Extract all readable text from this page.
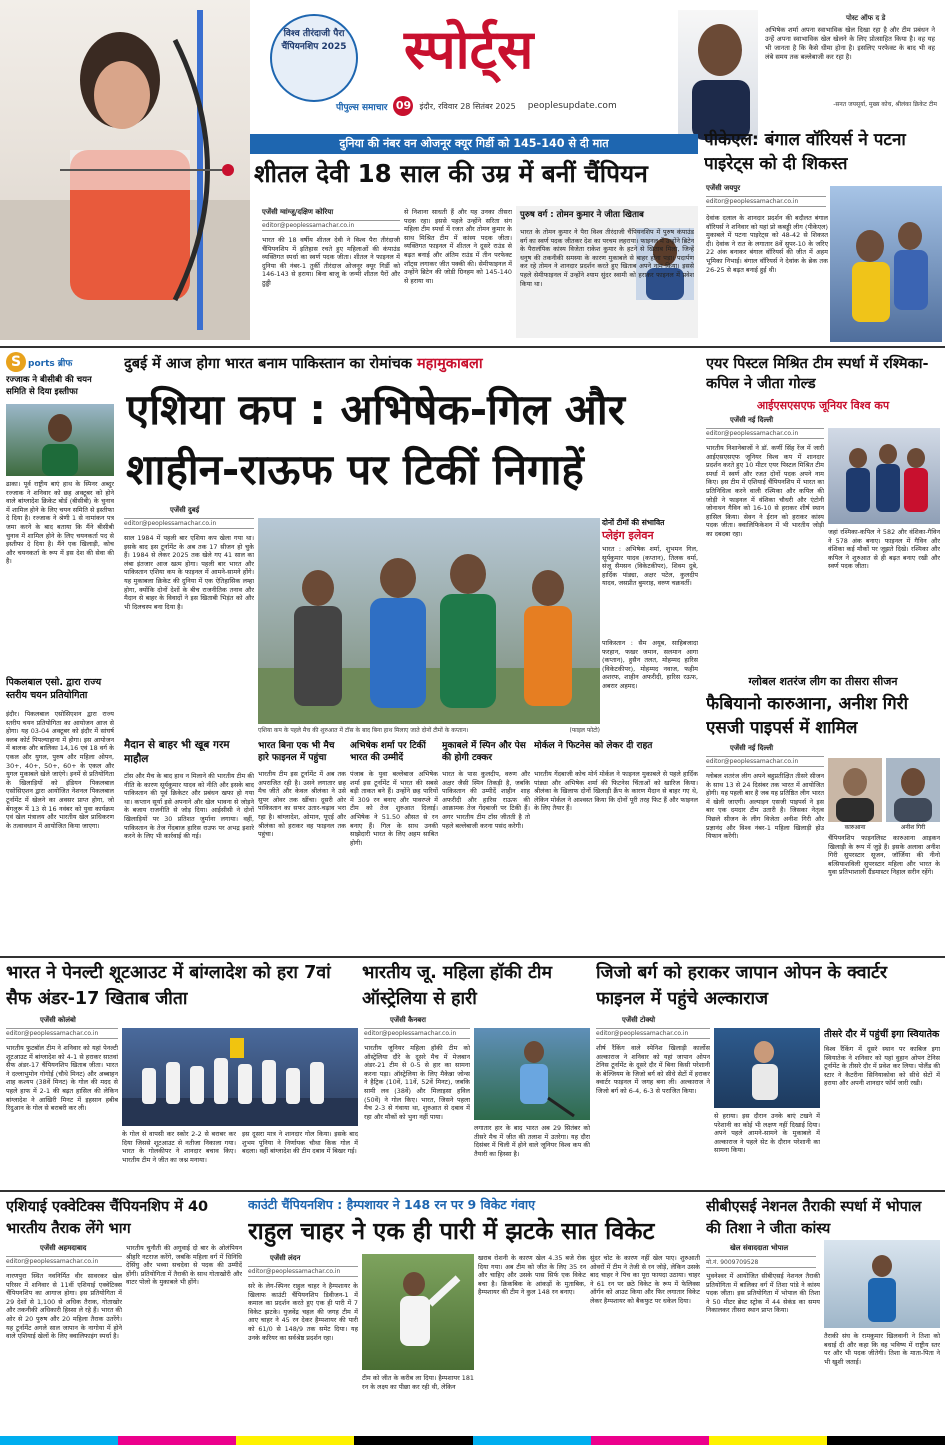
विश्व तीरंदाजी पैरा चैंपियनशिप 2025 स्पोर्ट्स
पीपुल्स समाचार 09 इंदौर, रविवार 28 सितंबर 2025 peoplesupdate.com
पोस्ट ऑफ द डे
अभिषेक शर्मा अपना स्वाभाविक खेल दिखा रहा है और टीम प्रबंधन ने उन्हें अपना स्वाभाविक खेल खेलने के लिए प्रोत्साहित किया है। वह यह भी जानता है कि कैसे धीमा होना है। इसलिए परफेक्ट के बाद भी वह लंबे समय तक बल्लेबाजी कर रहा है।
-सनत जयसूर्या, मुख्य कोच, श्रीलंका क्रिकेट टीम
दुनिया की नंबर वन ओजनूर क्यूर गिर्डी को 145-140 से दी मात
शीतल देवी 18 साल की उम्र में बनीं चैंपियन
एजेंसी ग्वांग्जू/दक्षिण कोरिया
editor@peoplessamachar.co.in
भारत की 18 वर्षीय शीतल देवी ने विश्व पैरा तीरंदाजी चैंपियनशिप में इतिहास रचते हुए महिलाओं की कंपाउंड व्यक्तिगत स्पर्धा का स्वर्ण पदक जीता। शीतल ने फाइनल में दुनिया की नंबर-1 तुर्की तीरंदाज ओजनूर क्यूर गिर्डी को 146-143 से हराया। बिना बाजू के जन्मी शीतल पैरों और ठुड्डी
से निशाना साधती हैं और यह उनका तीसरा पदक रहा। इससे पहले उन्होंने सरिता संग महिला टीम स्पर्धा में रजत और तोमन कुमार के साथ मिश्रित टीम में कांस्य पदक जीता। व्यक्तिगत फाइनल में शीतल ने दूसरे राउंड से बढ़त बनाई और अंतिम राउंड में तीन परफेक्ट शॉट्स लगाकर जीत पक्की की। सेमीफाइनल में उन्होंने ब्रिटेन की जोडी ग्रिनहम को 145-140 से हराया था।
पुरुष वर्ग : तोमन कुमार ने जीता खिताब
भारत के तोमन कुमार ने पैरा विश्व तीरंदाजी चैंपियनशिप में पुरुष कंपाउंड वर्ग का स्वर्ण पदक जीतकर देश का परचम लहराया। फाइनल में उन्होंने ब्रिटेन के पैरालंपिक कांस्य विजेता राकेश कुमार के हटने से खिताब मिला, जिन्हें धनुष की तकनीकी समस्या के कारण मुकाबले से बाहर होना पड़ा। पदार्पण कर रहे तोमन ने शानदार प्रदर्शन करते हुए खिताब अपने नाम किया। इससे पहले सेमीफाइनल में उन्होंने श्याम सुंदर स्वामी को हराकर फाइनल में प्रवेश किया था।
पीकेएल: बंगाल वॉरियर्स ने पटना पाइरेट्स को दी शिकस्त
एजेंसी जयपुर
editor@peoplessamachar.co.in
देवांक दलाल के शानदार प्रदर्शन की बदौलत बंगाल वॉरियर्स ने शनिवार को यहां प्रो कबड्डी लीग (पीकेएल) मुकाबले में पटना पाइरेट्स को 48-42 से शिकस्त दी। देवांक ने रात के लगातार 8वें सुपर-10 के जरिए 22 अंक बनाकर बंगाल वॉरियर्स की जीत में अहम भूमिका निभाई। बंगाल वॉरियर्स ने देवांक के ब्रेक तक 26-25 से बढ़त बनाई हुई थी।
S ports ब्रीफ
रज्जाक ने बीसीबी की चयन समिति से दिया इस्तीफा
ढाका। पूर्व राष्ट्रीय बाएं हाथ के स्पिनर अब्दुर रज्जाक ने शनिवार को छह अक्टूबर को होने वाले बांग्लादेश क्रिकेट बोर्ड (बीसीबी) के चुनाव में शामिल होने के लिए चयन समिति से इस्तीफा दे दिया है। रज्जाक ने श्रेणी 1 से नामांकन पत्र जमा करने के बाद बताया कि मैंने बीसीबी चुनाव में शामिल होने के लिए चयनकर्ता पद से इस्तीफा दे दिया है। मैंने एक खिलाड़ी, कोच और चयनकर्ता के रूप में इस देश की सेवा की है।
पिकलबाल एसो. द्वारा राज्य स्तरीय चयन प्रतियोगिता
इंदौर। पिकलबाल एसोसिएशन द्वारा राज्य स्तरीय चयन प्रतियोगिता का आयोजन आज से होगा। यह 03-04 अक्टूबर को इंदौर में सांघर्ष क्लब कोर्ट पिपल्याहाना में होगा। इस आयोजन में बालक और बालिका 14,16 एवं 18 वर्ग के एकल और युगल, पुरुष और महिला ओपन, 30+, 40+, 50+, 60+ के एकल और युगल मुकाबले खेले जाएंगे। इनमें से प्रतियोगिता के खिलाड़ियों को इंडियन पिकलबाल एसोसिएशन द्वारा आयोजित नेशनल पिकलबाल टूर्नामेंट में खेलने का अवसर प्राप्त होगा, जो बेंगलुरू में 13 से 16 नवंबर को युवा कार्यक्रम एवं खेल मंत्रालय और भारतीय खेल प्राधिकरण के तत्वावधान में आयोजित किया जाएगा।
दुबई में आज होगा भारत बनाम पाकिस्तान का रोमांचक महामुकाबला
एशिया कप : अभिषेक-गिल और
शाहीन-राऊफ पर टिकीं निगाहें
एजेंसी दुबई
editor@peoplessamachar.co.in
साल 1984 में पहली बार एशिया कप खेला गया था। इसके बाद इस टूर्नामेंट के अब तक 17 सीजन हो चुके हैं। 1984 से लेकर 2025 तक खेले गए 41 साल का लंबा इंतजार आज खत्म होगा। पहली बार भारत और पाकिस्तान एशिया कप के फाइनल में आमने-सामने होंगे। यह मुकाबला क्रिकेट की दुनिया में एक ऐतिहासिक लम्हा होगा, क्योंकि दोनों देशों के बीच राजनीतिक तनाव और मैदान से बाहर के विवादों ने इस खिताबी भिड़ंत को और भी दिलचस्प बना दिया है।
एशिया कप के पहले मैच की शुरुआत में टॉस के बाद बिना हाथ मिलाए जाते दोनों टीमों के कप्तान।	(फाइल फोटो)
दोनों टीमों की संभावित
प्लेइंग इलेवन
भारत : अभिषेक शर्मा, शुभमन गिल, सूर्यकुमार यादव (कप्तान), तिलक वर्मा, संजू सैमसन (विकेटकीपर), शिवम दुबे, हार्दिक पांड्या, अक्षर पटेल, कुलदीप यादव, जसप्रीत बुमराह, वरुण चक्रवर्ती।
पाकिस्तान : सैम अयूब, साहिबजादा फरहान, फखर जमान, सलमान आगा (कप्तान), हुसैन तलत, मोहम्मद हारिस (विकेटकीपर), मोहम्मद नवाज, फहीम अशरफ, शाहीन अफरीदी, हारिस रऊफ, अबरार अहमद।
मैदान से बाहर भी खूब गरम माहौल
टॉस और मैच के बाद हाथ न मिलाने की भारतीय टीम की नीति के कारण सूर्यकुमार यादव को नीति और इसके बाद पाकिस्तान की पूर्व क्रिकेटर और प्रबंधन खफा हो गया था। कप्तान सूर्या इसे अपनाने और खेल भावना से जोड़ने के बजाय राजनीति से जोड़ दिया। आईसीसी ने दोनों खिलाड़ियों पर 30 प्रतिशत जुर्माना लगाया। वहीं, पाकिस्तान के तेज गेंदबाज हारिस राउफ पर अभद्र इशारे करने के लिए भी कार्रवाई की गई।
भारत बिना एक भी मैच हारे फाइनल में पहुंचा
भारतीय टीम इस टूर्नामेंट में अब तक अपराजित रही है। उसने लगातार छह मैच जीते और केवल श्रीलंका ने उसे सुपर ओवर तक खींचा। दूसरी ओर पाकिस्तान का सफर उतार-चढ़ाव भरा रहा है। बांग्लादेश, ओमान, यूएई और श्रीलंका को हराकर वह फाइनल तक पहुंचा।
अभिषेक शर्मा पर टिकीं भारत की उम्मीदें
पंजाब के युवा बल्लेबाज अभिषेक शर्मा इस टूर्नामेंट में भारत की सबसे बड़ी ताकत बने हैं। उन्होंने छह पारियों में 309 रन बनाए और पावरप्ले में टीम को तेज शुरुआत दिलाई। अभिषेक ने 51.50 औसत से रन बनाए हैं। गिल के साथ उनकी साझेदारी भारत के लिए अहम साबित होगी।
मुकाबले में स्पिन और पेस की होगी टक्कर
भारत के पास कुलदीप, वरुण और अक्षर जैसी स्पिन तिकड़ी है, जबकि पाकिस्तान की उम्मीदें शाहीन शाह अफरीदी और हारिस राऊफ की आक्रामक तेज गेंदबाजी पर टिकी हैं। अगर भारतीय टीम टॉस जीतती है तो पहले बल्लेबाजी करना पसंद करेगी।
मोर्कल ने फिटनेस को लेकर दी राहत
भारतीय गेंदबाजी कोच मोर्न मोर्कल ने फाइनल मुकाबले से पहले हार्दिक पांड्या और अभिषेक शर्मा की फिटनेस चिंताओं को खारिज किया। श्रीलंका के खिलाफ दोनों खिलाड़ी क्रैंप के कारण मैदान से बाहर गए थे, लेकिन मोर्कल ने आश्वस्त किया कि दोनों पूरी तरह फिट हैं और फाइनल के लिए तैयार हैं।
एयर पिस्टल मिश्रित टीम स्पर्धा में रश्मिका-कपिल ने जीता गोल्ड
आईएसएसएफ जूनियर विश्व कप
एजेंसी नई दिल्ली
editor@peoplessamachar.co.in
भारतीय निशानेबाजों ने डॉ. कर्णी सिंह रेंज में जारी आईएसएसएफ जूनियर विश्व कप में शानदार प्रदर्शन करते हुए 10 मीटर एयर पिस्टल मिश्रित टीम स्पर्धा में स्वर्ण और रजत दोनों पदक अपने नाम किए। इस टीम में एशियाई चैंपियनशिप में भारत का प्रतिनिधित्व करने वाली रश्मिका और कपिल की जोड़ी ने फाइनल में वंशिका चौधरी और एंटोनी जोनाथन गैविन को 16-10 से हराकर शीर्ष स्थान हासिल किया। सेवन ने ईरान को हराकर कांस्य पदक जीता। क्वालिफिकेशन में भी भारतीय जोड़ी का दबदबा रहा।	जहां रश्मिका-कपिल ने 582 और वंशिका-गैविन ने 578 अंक बनाए। फाइनल में गैविन और वंशिका कई मौकों पर जूझते दिखे। रश्मिका और कपिल ने शुरुआत से ही बढ़त बनाए रखी और स्वर्ण पदक जीता।
ग्लोबल शतरंज लीग का तीसरा सीजन
फैबियानो कारुआना, अनीश गिरी एसजी पाइपर्स में शामिल
एजेंसी नई दिल्ली
editor@peoplessamachar.co.in
ग्लोबल शतरंज लीग अपने बहुप्रतीक्षित तीसरे सीजन के साथ 13 से 24 दिसंबर तक भारत में आयोजित होगी। यह पहली बार है जब यह प्रतिष्ठित लीग भारत में खेली जाएगी। अल्पाइन एसजी पाइपर्स ने इस बार एक दमदार टीम उतारी है। जिसका नेतृत्व पिछले सीजन के लीग विजेता अनीश गिरी और प्रज्ञानंद और विश्व नंबर-1 महिला खिलाड़ी होउ यिफान करेंगी।
कारुआना	अनीश गिरी
चैंपियनशिप फाइनलिस्ट कारुआना आइकन खिलाड़ी के रूप में जुड़े हैं। इसके अलावा अनीश गिरी सुपरस्टार सूजन, जॉर्जिया की नीनो बत्सियाशविली सुपरस्टार महिला और भारत के युवा प्रतिभाशाली ग्रैंडमास्टर निहाल सरीन रहेंगे।
भारत ने पेनल्टी शूटआउट में बांग्लादेश को हरा 7वां सैफ अंडर-17 खिताब जीता
एजेंसी कोलंबो
editor@peoplessamachar.co.in
भारतीय फुटबॉल टीम ने शनिवार को यहां पेनल्टी शूटआउट में बांग्लादेश को 4-1 से हराकर सातवां सैफ अंडर-17 चैंपियनशिप खिताब जीता। भारत ने दल्लाभुमोन गोगोई (चौथे मिनट) और अब्बाहन शाह कश्यप (38वें मिनट) के गोल की मदद से पहले हाफ में 2-1 की बढ़त हासिल की लेकिन बांग्लादेश ने आखिरी मिनट में इहसान हबीब रिदुआन के गोल से बराबरी कर ली।
के गोल से वापसी कर स्कोर 2-2 से बराबर कर दिया जिससे शूटआउट से नतीजा निकाला गया। भारत के गोलकीपर ने शानदार बचाव किए। भारतीय टीम ने जीत का जश्न मनाया।
इस दूसरा मात्र ने शानदार गोल किया। इसके बाद शुभम पूनिया ने निर्णायक चौथा किक गोल में बदला। वहीं बांग्लादेश की टीम दबाव में बिखर गई।
भारतीय जू. महिला हॉकी टीम ऑस्ट्रेलिया से हारी
एजेंसी कैनबरा
editor@peoplessamachar.co.in
भारतीय जूनियर महिला हॉकी टीम को ऑस्ट्रेलिया दौरे के दूसरे मैच में मेजबान अंडर-21 टीम से 0-5 से हार का सामना करना पड़ा। ऑस्ट्रेलिया के लिए मैकेन्ना जोन्स ने हैट्रिक (10वें, 11वें, 52वें मिनट), जबकि सामी लव (38वें) और मिलाइसा हविल (50वें) ने गोल किए। भारत, जिसने पहला मैच 2-3 से गंवाया था, शुरुआत से दबाव में रहा और मौकों को भुना नहीं पाया।
लगातार हार के बाद भारत अब 29 सितंबर को तीसरे मैच में जीत की तलाश में उतरेगा। यह दौरा दिसंबर में चिली में होने वाले जूनियर विश्व कप की तैयारी का हिस्सा है।
जिजो बर्ग को हराकर जापान ओपन के क्वार्टर फाइनल में पहुंचे अल्काराज
एजेंसी टोक्यो
editor@peoplessamachar.co.in
शीर्ष रैंकिंग वाले स्पेनिश खिलाड़ी कार्लोस अल्काराज ने शनिवार को यहां जापान ओपन टेनिस टूर्नामेंट के दूसरे दौर में बिना किसी परेशानी के बेल्जियम के जिजो बर्ग को सीधे सेटों में हराकर क्वार्टर फाइनल में जगह बना ली। अल्काराज ने जिजो बर्ग को 6-4, 6-3 से पराजित किया।
से हराया। इस दौरान उनके बाएं टखने में परेशानी का कोई भी लक्षण नहीं दिखाई दिया। अपने पहले आमने-सामने के मुकाबले में अल्काराज ने पहले सेट के दौरान परेशानी का सामना किया।
तीसरे दौर में पहुंचीं इगा स्वियातेक
विश्व रैंकिंग में दूसरे स्थान पर काबिज इगा स्वियातेक ने शनिवार को यहां वुहान ओपन टेनिस टूर्नामेंट के तीसरे दौर में प्रवेश कर लिया। पोलैंड की स्टार ने कैटरीना सिनियाकोवा को सीधे सेटों में हराया और अपनी शानदार फॉर्म जारी रखी।
एशियाई एक्वेटिक्स चैंपियनशिप में 40 भारतीय तैराक लेंगे भाग
एजेंसी अहमदाबाद
editor@peoplessamachar.co.in
नारणपुरा स्थित नवनिर्मित वीर सावरकर खेल परिसर में शनिवार से 11वीं एशियाई एक्वेटिक्स चैंपियनशिप का आगाज होगा। इस प्रतियोगिता में 29 देशों से 1,100 से अधिक तैराक, गोताखोर और तकनीकी अधिकारी हिस्सा ले रहे हैं। भारत की ओर से 20 पुरुष और 20 महिला तैराक उतरेंगे। यह टूर्नामेंट अगले साल जापान के नागोया में होने वाले एशियाई खेलों के लिए क्वालिफाइंग स्पर्धा है।
भारतीय चुनौती की अगुवाई दो बार के ओलंपियन श्रीहरि नटराज करेंगे, जबकि महिला वर्ग में धिनिधि देसिंघु और भव्या सचदेवा से पदक की उम्मीदें होंगी। प्रतियोगिता में तैराकी के साथ गोताखोरी और वाटर पोलो के मुकाबले भी होंगे।
काउंटी चैंपियनशिप : हैम्पशायर ने 148 रन पर 9 विकेट गंवाए
राहुल चाहर ने एक ही पारी में झटके सात विकेट
एजेंसी लंदन
editor@peoplessamachar.co.in
सरे के लेग-स्पिनर राहुल चाहर ने हैम्पशायर के खिलाफ काउंटी चैंपियनशिप डिवीजन-1 में कमाल का प्रदर्शन करते हुए एक ही पारी में 7 विकेट झटके। युजवेंद्र चहल की जगह टीम में आए चाहर ने 45 रन देकर हैम्पशायर की पारी को 61/0 से 148/9 तक समेट दिया। यह उनके करियर का सर्वश्रेष्ठ प्रदर्शन रहा।
टीम को जीत के करीब ला दिया। हैम्पशायर 181 रन के लक्ष्य का पीछा कर रही थी, लेकिन
खराब रोशनी के कारण खेल 4.35 बजे रोक दिया गया। अब टीम को जीत के लिए 35 रन और चाहिए और उसके पास सिर्फ एक विकेट बचा है। क्रिकबिक के आंकड़ों के मुताबिक, हैम्पशायर की टीम ने कुल 148 रन बनाए।
सुंदर चोट के कारण नहीं खेल पाए। शुरुआती ओवरों में टीम ने तेजी से रन जोड़े, लेकिन उसके बाद चाहर ने पिच का पूरा फायदा उठाया। चाहर ने 61 रन पर छठे विकेट के रूप में फेलिक्स ऑर्गन को आउट किया और फिर लगातार विकेट लेकर हैम्पशायर को बैकफुट पर धकेल दिया।
सीबीएसई नेशनल तैराकी स्पर्धा में भोपाल की तिशा ने जीता कांस्य
खेल संवाददाता भोपाल
मो.नं. 9009709528
भुवनेश्वर में आयोजित सीबीएसई नेशनल तैराकी प्रतियोगिता में बालिका वर्ग में तिशा पांडे ने कांस्य पदक जीता। इस प्रतियोगिता में भोपाल की तिशा ने 50 मीटर ब्रेस्ट स्ट्रोक में 44 सेकंड का समय निकालकर तीसरा स्थान प्राप्त किया।
तैराकी संघ के रामकुमार खिलवानी ने तिशा को बधाई दी और कहा कि वह भविष्य में राष्ट्रीय स्तर पर और भी पदक जीतेगी। तिशा के माता-पिता ने भी खुशी जताई।
